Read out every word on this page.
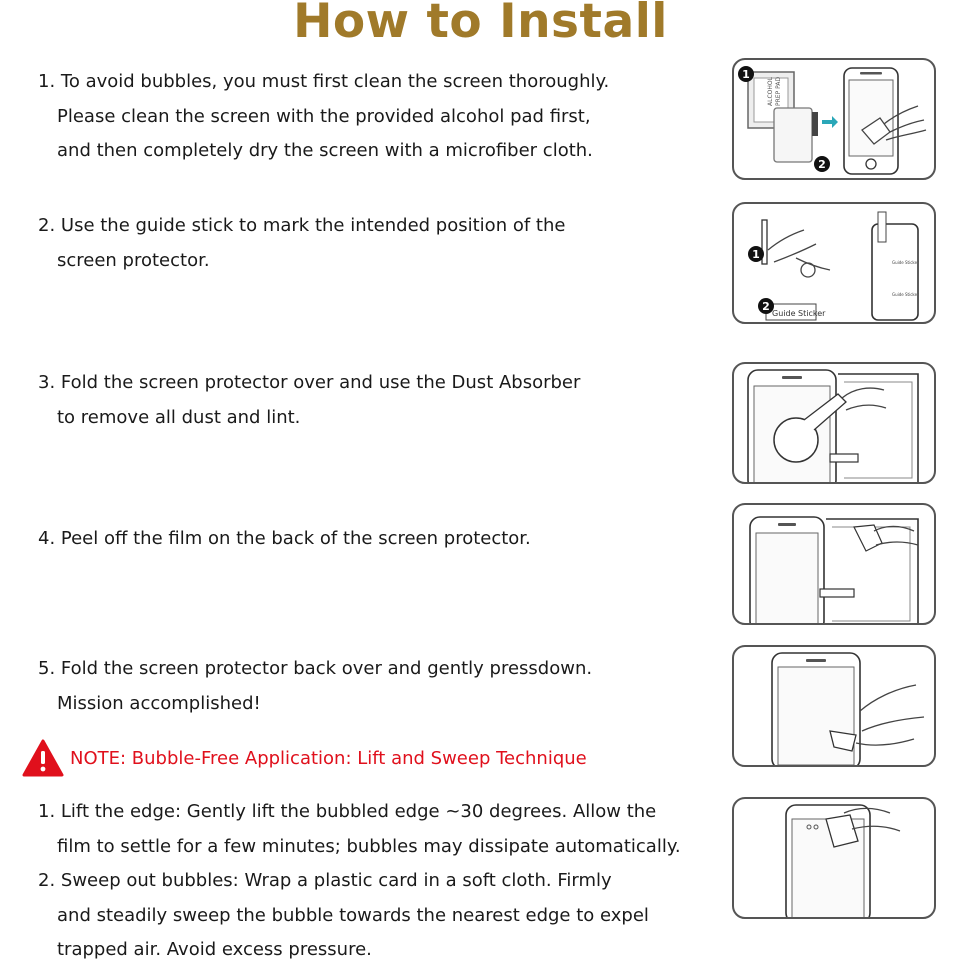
How to Install
1. To avoid bubbles, you must first clean the screen thoroughly.
Please clean the screen with the provided alcohol pad first,
and then completely dry the screen with a microfiber cloth.
2. Use the guide stick to mark the intended position of the
screen protector.
3. Fold the screen protector over and use the Dust Absorber
to remove all dust and lint.
4. Peel off the film on the back of the screen protector.
5. Fold the screen protector back over and gently pressdown.
Mission accomplished!
NOTE: Bubble-Free Application: Lift and Sweep Technique
1. Lift the edge: Gently lift the bubbled edge ~30 degrees. Allow the
film to settle for a few minutes; bubbles may dissipate automatically.
2. Sweep out bubbles: Wrap a plastic card in a soft cloth. Firmly
and steadily sweep the bubble towards the nearest edge to expel
trapped air. Avoid excess pressure.
ALCOHOL PREP PAD
1
2
Guide Sticker
Guide Sticker
Guide Sticker
1
2
